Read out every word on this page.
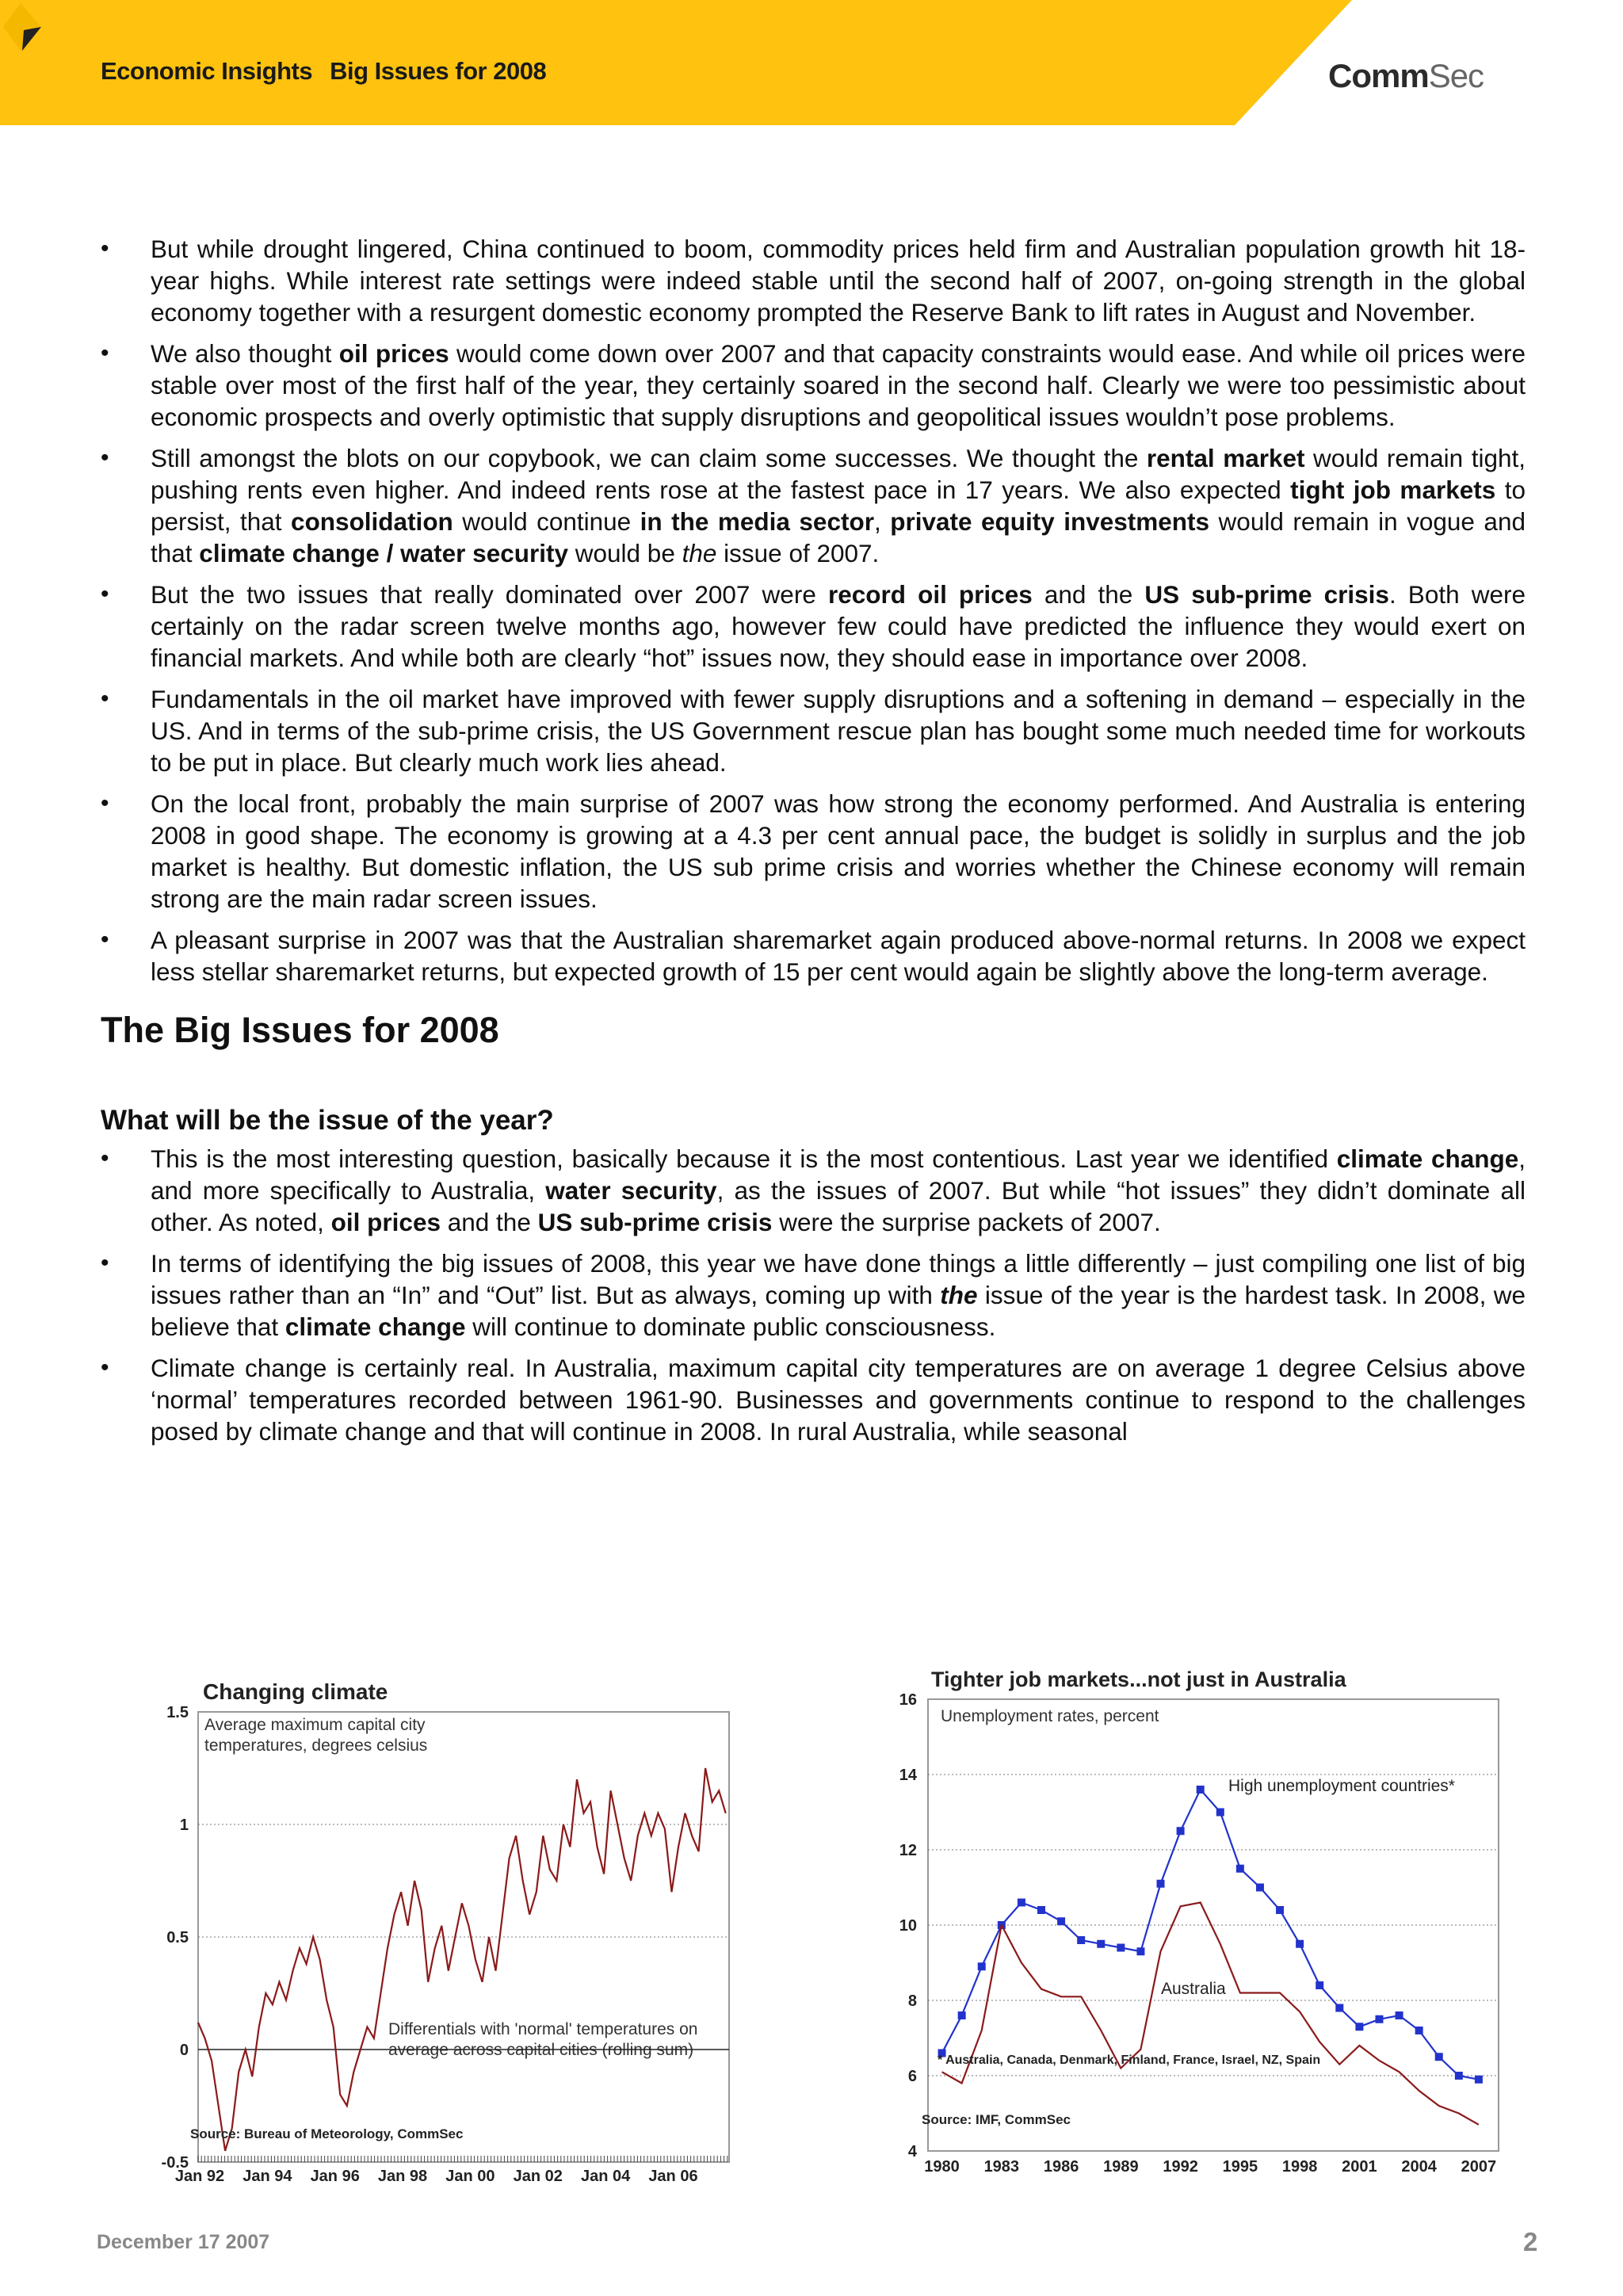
Economic Insights Big Issues for 2008	CommSec
• But while drought lingered, China continued to boom, commodity prices held firm and Australian population growth hit 18-year highs. While interest rate settings were indeed stable until the second half of 2007, on-going strength in the global economy together with a resurgent domestic economy prompted the Reserve Bank to lift rates in August and November.
• We also thought oil prices would come down over 2007 and that capacity constraints would ease. And while oil prices were stable over most of the first half of the year, they certainly soared in the second half. Clearly we were too pessimistic about economic prospects and overly optimistic that supply disruptions and geopolitical issues wouldn’t pose problems.
• Still amongst the blots on our copybook, we can claim some successes. We thought the rental market would remain tight, pushing rents even higher. And indeed rents rose at the fastest pace in 17 years. We also expected tight job markets to persist, that consolidation would continue in the media sector, private equity investments would remain in vogue and that climate change / water security would be the issue of 2007.
• But the two issues that really dominated over 2007 were record oil prices and the US sub-prime crisis. Both were certainly on the radar screen twelve months ago, however few could have predicted the influence they would exert on financial markets. And while both are clearly “hot” issues now, they should ease in importance over 2008.
• Fundamentals in the oil market have improved with fewer supply disruptions and a softening in demand – especially in the US. And in terms of the sub-prime crisis, the US Government rescue plan has bought some much needed time for workouts to be put in place. But clearly much work lies ahead.
• On the local front, probably the main surprise of 2007 was how strong the economy performed. And Australia is entering 2008 in good shape. The economy is growing at a 4.3 per cent annual pace, the budget is solidly in surplus and the job market is healthy. But domestic inflation, the US sub prime crisis and worries whether the Chinese economy will remain strong are the main radar screen issues.
• A pleasant surprise in 2007 was that the Australian sharemarket again produced above-normal returns. In 2008 we expect less stellar sharemarket returns, but expected growth of 15 per cent would again be slightly above the long-term average.
The Big Issues for 2008
What will be the issue of the year?
• This is the most interesting question, basically because it is the most contentious. Last year we identified climate change, and more specifically to Australia, water security, as the issues of 2007. But while “hot issues” they didn’t dominate all other. As noted, oil prices and the US sub-prime crisis were the surprise packets of 2007.
• In terms of identifying the big issues of 2008, this year we have done things a little differently – just compiling one list of big issues rather than an “In” and “Out” list. But as always, coming up with the issue of the year is the hardest task. In 2008, we believe that climate change will continue to dominate public consciousness.
• Climate change is certainly real. In Australia, maximum capital city temperatures are on average 1 degree Celsius above ‘normal’ temperatures recorded between 1961-90. Businesses and governments continue to respond to the challenges posed by climate change and that will continue in 2008. In rural Australia, while seasonal
Changing climate
Average maximum capital city temperatures, degrees celsius
Differentials with 'normal' temperatures on average across capital cities (rolling sum)
1.5
1
0.5
0
-0.5
Jan 92 Jan 94 Jan 96 Jan 98 Jan 00 Jan 02 Jan 04 Jan 06
Source: Bureau of Meteorology, CommSec
Tighter job markets...not just in Australia
Unemployment rates, percent
16
14
12
10
8
6
4
1980 1983 1986 1989 1992 1995 1998 2001 2004 2007
High unemployment countries*
Australia
* Australia, Canada, Denmark, Finland, France, Israel, NZ, Spain
Source: IMF, CommSec
December 17 2007	2
